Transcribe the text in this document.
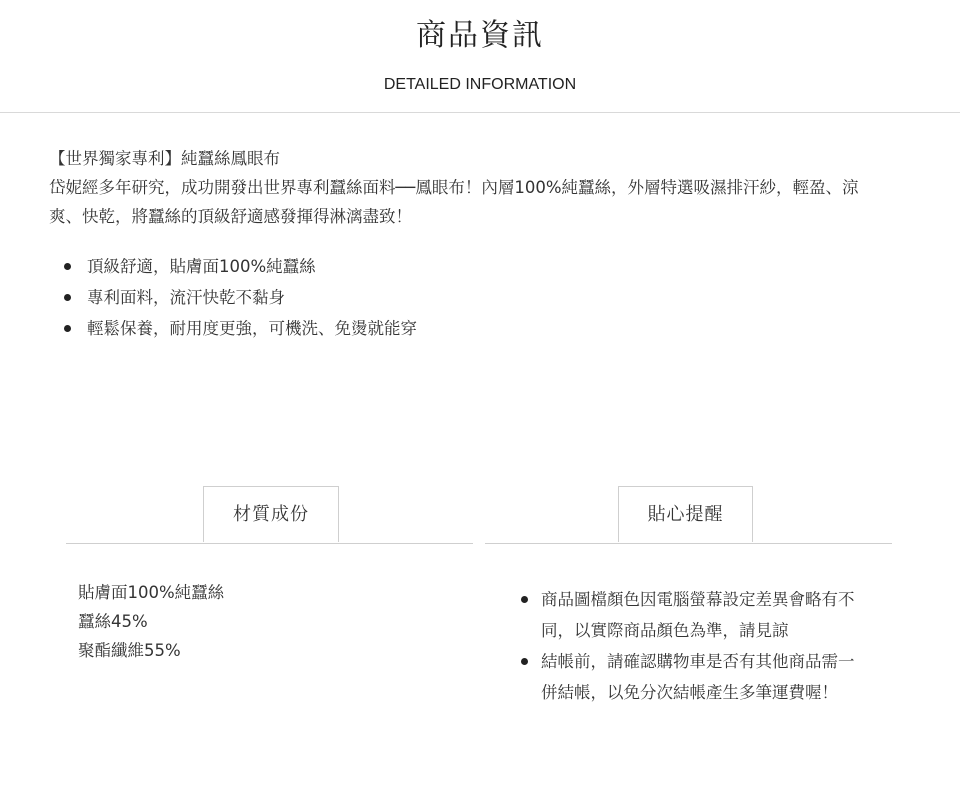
商品資訊
DETAILED INFORMATION

【世界獨家專利】純蠶絲鳳眼布

岱妮經多年研究，成功開發出世界專利蠶絲面料──鳳眼布！內層100%純蠶絲，外層特選吸濕排汗紗，輕盈、涼爽、快乾，將蠶絲的頂級舒適感發揮得淋漓盡致！

頂級舒適，貼膚面100%純蠶絲
專利面料，流汗快乾不黏身
輕鬆保養，耐用度更強，可機洗、免燙就能穿
材質成份
貼膚面100%純蠶絲
蠶絲45%
聚酯纖維55%
貼心提醒
商品圖檔顏色因電腦螢幕設定差異會略有不同，以實際商品顏色為準，請見諒
結帳前，請確認購物車是否有其他商品需一併結帳，以免分次結帳產生多筆運費喔！
